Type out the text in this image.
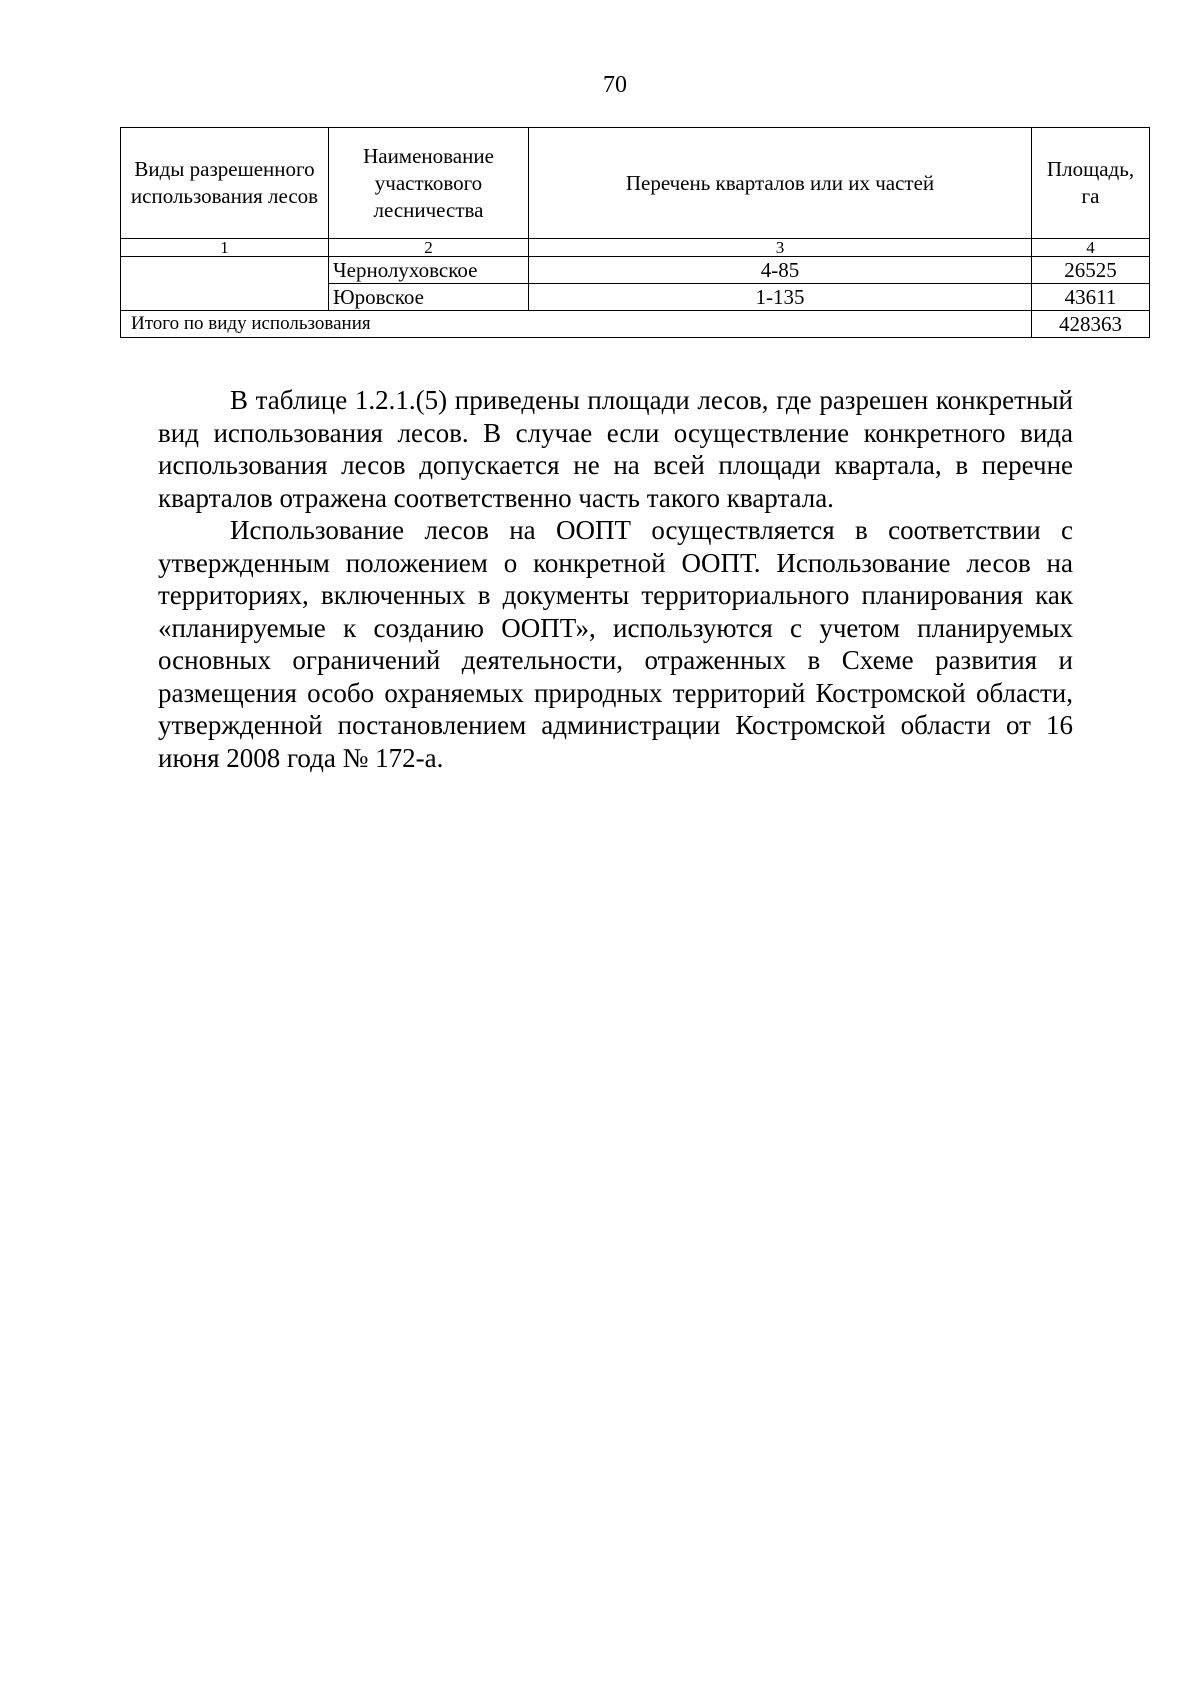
70
Виды разрешенного использования лесов	Наименование участкового лесничества	Перечень кварталов или их частей	Площадь, га
1	2	3	4
	Чернолуховское	4-85	26525
	Юровское	1-135	43611
Итого по виду использования			428363

В таблице 1.2.1.(5) приведены площади лесов, где разрешен конкретный вид использования лесов. В случае если осуществление конкретного вида использования лесов допускается не на всей площади квартала, в перечне кварталов отражена соответственно часть такого квартала.

Использование лесов на ООПТ осуществляется в соответствии с утвержденным положением о конкретной ООПТ. Использование лесов на территориях, включенных в документы территориального планирования как «планируемые к созданию ООПТ», используются с учетом планируемых основных ограничений деятельности, отраженных в Схеме развития и размещения особо охраняемых природных территорий Костромской области, утвержденной постановлением администрации Костромской области от 16 июня 2008 года № 172-а.
